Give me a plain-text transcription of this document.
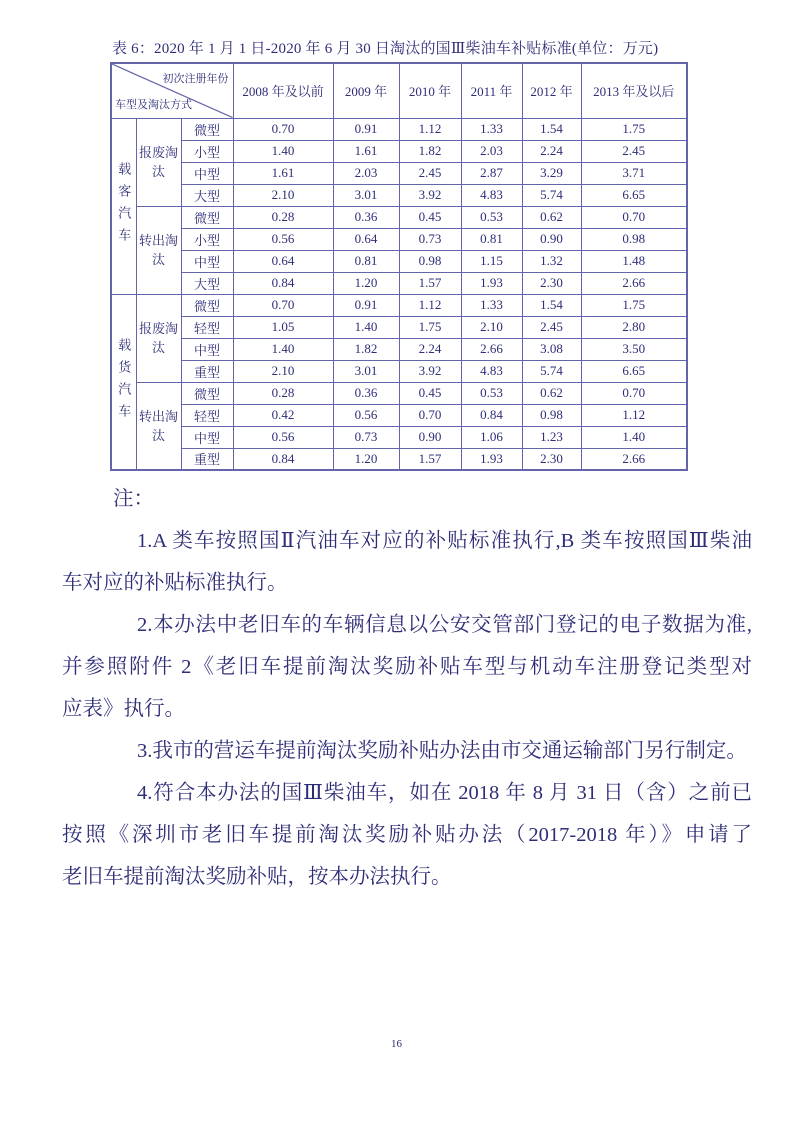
表 6：2020 年 1 月 1 日-2020 年 6 月 30 日淘汰的国Ⅲ柴油车补贴标准(单位：万元)
初次注册年份
车型及淘汰方式			2008 年及以前	2009 年	2010 年	2011 年	2012 年	2013 年及以后
载客汽车	报废淘汰	微型	0.70	0.91	1.12	1.33	1.54	1.75
		小型	1.40	1.61	1.82	2.03	2.24	2.45
		中型	1.61	2.03	2.45	2.87	3.29	3.71
		大型	2.10	3.01	3.92	4.83	5.74	6.65
	转出淘汰	微型	0.28	0.36	0.45	0.53	0.62	0.70
		小型	0.56	0.64	0.73	0.81	0.90	0.98
		中型	0.64	0.81	0.98	1.15	1.32	1.48
		大型	0.84	1.20	1.57	1.93	2.30	2.66
载货汽车	报废淘汰	微型	0.70	0.91	1.12	1.33	1.54	1.75
		轻型	1.05	1.40	1.75	2.10	2.45	2.80
		中型	1.40	1.82	2.24	2.66	3.08	3.50
		重型	2.10	3.01	3.92	4.83	5.74	6.65
	转出淘汰	微型	0.28	0.36	0.45	0.53	0.62	0.70
		轻型	0.42	0.56	0.70	0.84	0.98	1.12
		中型	0.56	0.73	0.90	1.06	1.23	1.40
		重型	0.84	1.20	1.57	1.93	2.30	2.66
注：
1.A 类车按照国Ⅱ汽油车对应的补贴标准执行,B 类车按照国Ⅲ柴油
车对应的补贴标准执行。
2.本办法中老旧车的车辆信息以公安交管部门登记的电子数据为准,
并参照附件 2《老旧车提前淘汰奖励补贴车型与机动车注册登记类型对
应表》执行。
3.我市的营运车提前淘汰奖励补贴办法由市交通运输部门另行制定。
4.符合本办法的国Ⅲ柴油车，如在 2018 年 8 月 31 日（含）之前已
按照《深圳市老旧车提前淘汰奖励补贴办法（2017-2018 年）》申请了
老旧车提前淘汰奖励补贴，按本办法执行。
16
